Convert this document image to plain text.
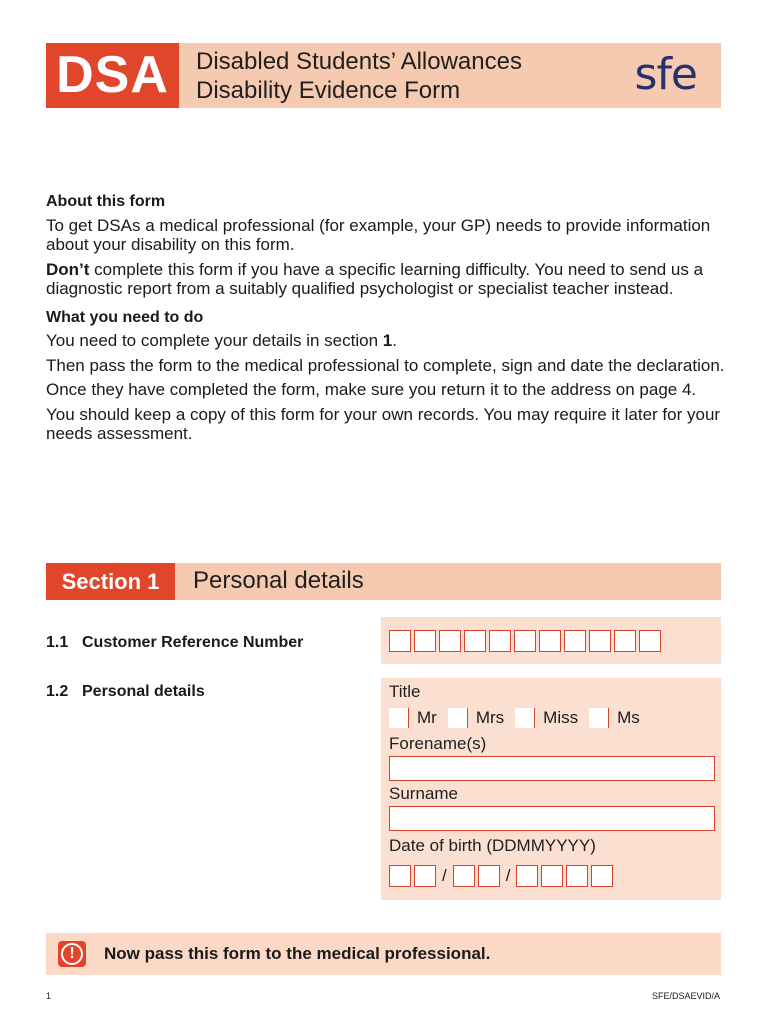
DSA	Disabled Students’ Allowances
Disability Evidence Form	sfe
About this form

To get DSAs a medical professional (for example, your GP) needs to provide information about your disability on this form.

Don’t complete this form if you have a specific learning difficulty. You need to send us a diagnostic report from a suitably qualified psychologist or specialist teacher instead.

What you need to do

You need to complete your details in section 1.

Then pass the form to the medical professional to complete, sign and date the declaration.

Once they have completed the form, make sure you return it to the address on page 4.

You should keep a copy of this form for your own records. You may require it later for your needs assessment.

Section 1	Personal details
1.1 Customer Reference Number
1.2 Personal details	Title
Mr Mrs Miss Ms
Forename(s)
Surname
Date of birth (DDMMYYYY)
/	/
!	Now pass this form to the medical professional.
1	SFE/DSAEVID/A
